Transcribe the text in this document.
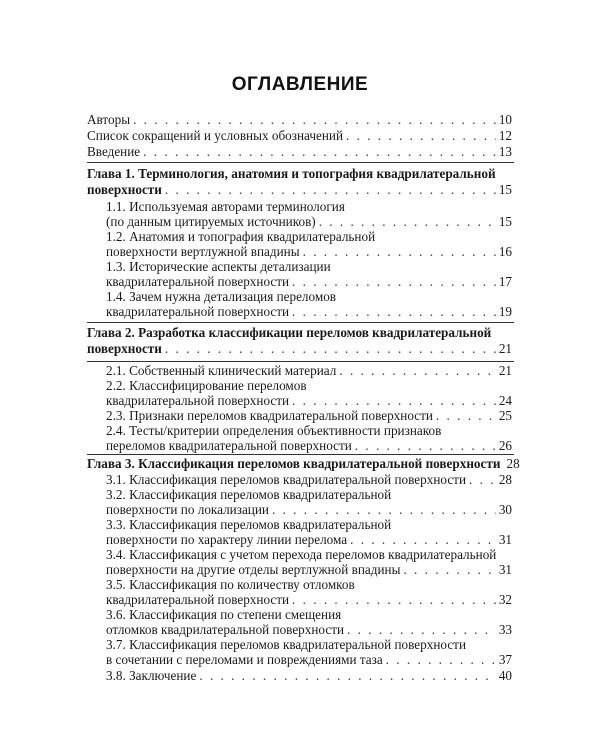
ОГЛАВЛЕНИЕ
Авторы . . .	10
Список сокращений и условных обозначений . . .	12
Введение . . .	13
Глава 1. Терминология, анатомия и топография квадрилатеральной
поверхности . . .	15
1.1. Используемая авторами терминология
(по данным цитируемых источников) . . .	15
1.2. Анатомия и топография квадрилатеральной
поверхности вертлужной впадины . . .	16
1.3. Исторические аспекты детализации
квадрилатеральной поверхности . . .	17
1.4. Зачем нужна детализация переломов
квадрилатеральной поверхности . . .	19
Глава 2. Разработка классификации переломов квадрилатеральной
поверхности . . .	21
2.1. Собственный клинический материал . . .	21
2.2. Классифицирование переломов
квадрилатеральной поверхности . . .	24
2.3. Признаки переломов квадрилатеральной поверхности . . .	25
2.4. Тесты/критерии определения объективности признаков
переломов квадрилатеральной поверхности . . .	26
Глава 3. Классификация переломов квадрилатеральной поверхности 28
3.1. Классификация переломов квадрилатеральной поверхности . . . 28
3.2. Классификация переломов квадрилатеральной
поверхности по локализации . . .	30
3.3. Классификация переломов квадрилатеральной
поверхности по характеру линии перелома . . .	31
3.4. Классификация с учетом перехода переломов квадрилатеральной
поверхности на другие отделы вертлужной впадины . . .	31
3.5. Классификация по количеству отломков
квадрилатеральной поверхности . . .	32
3.6. Классификация по степени смещения
отломков квадрилатеральной поверхности . . .	33
3.7. Классификация переломов квадрилатеральной поверхности
в сочетании с переломами и повреждениями таза . . .	37
3.8. Заключение . . .	40
